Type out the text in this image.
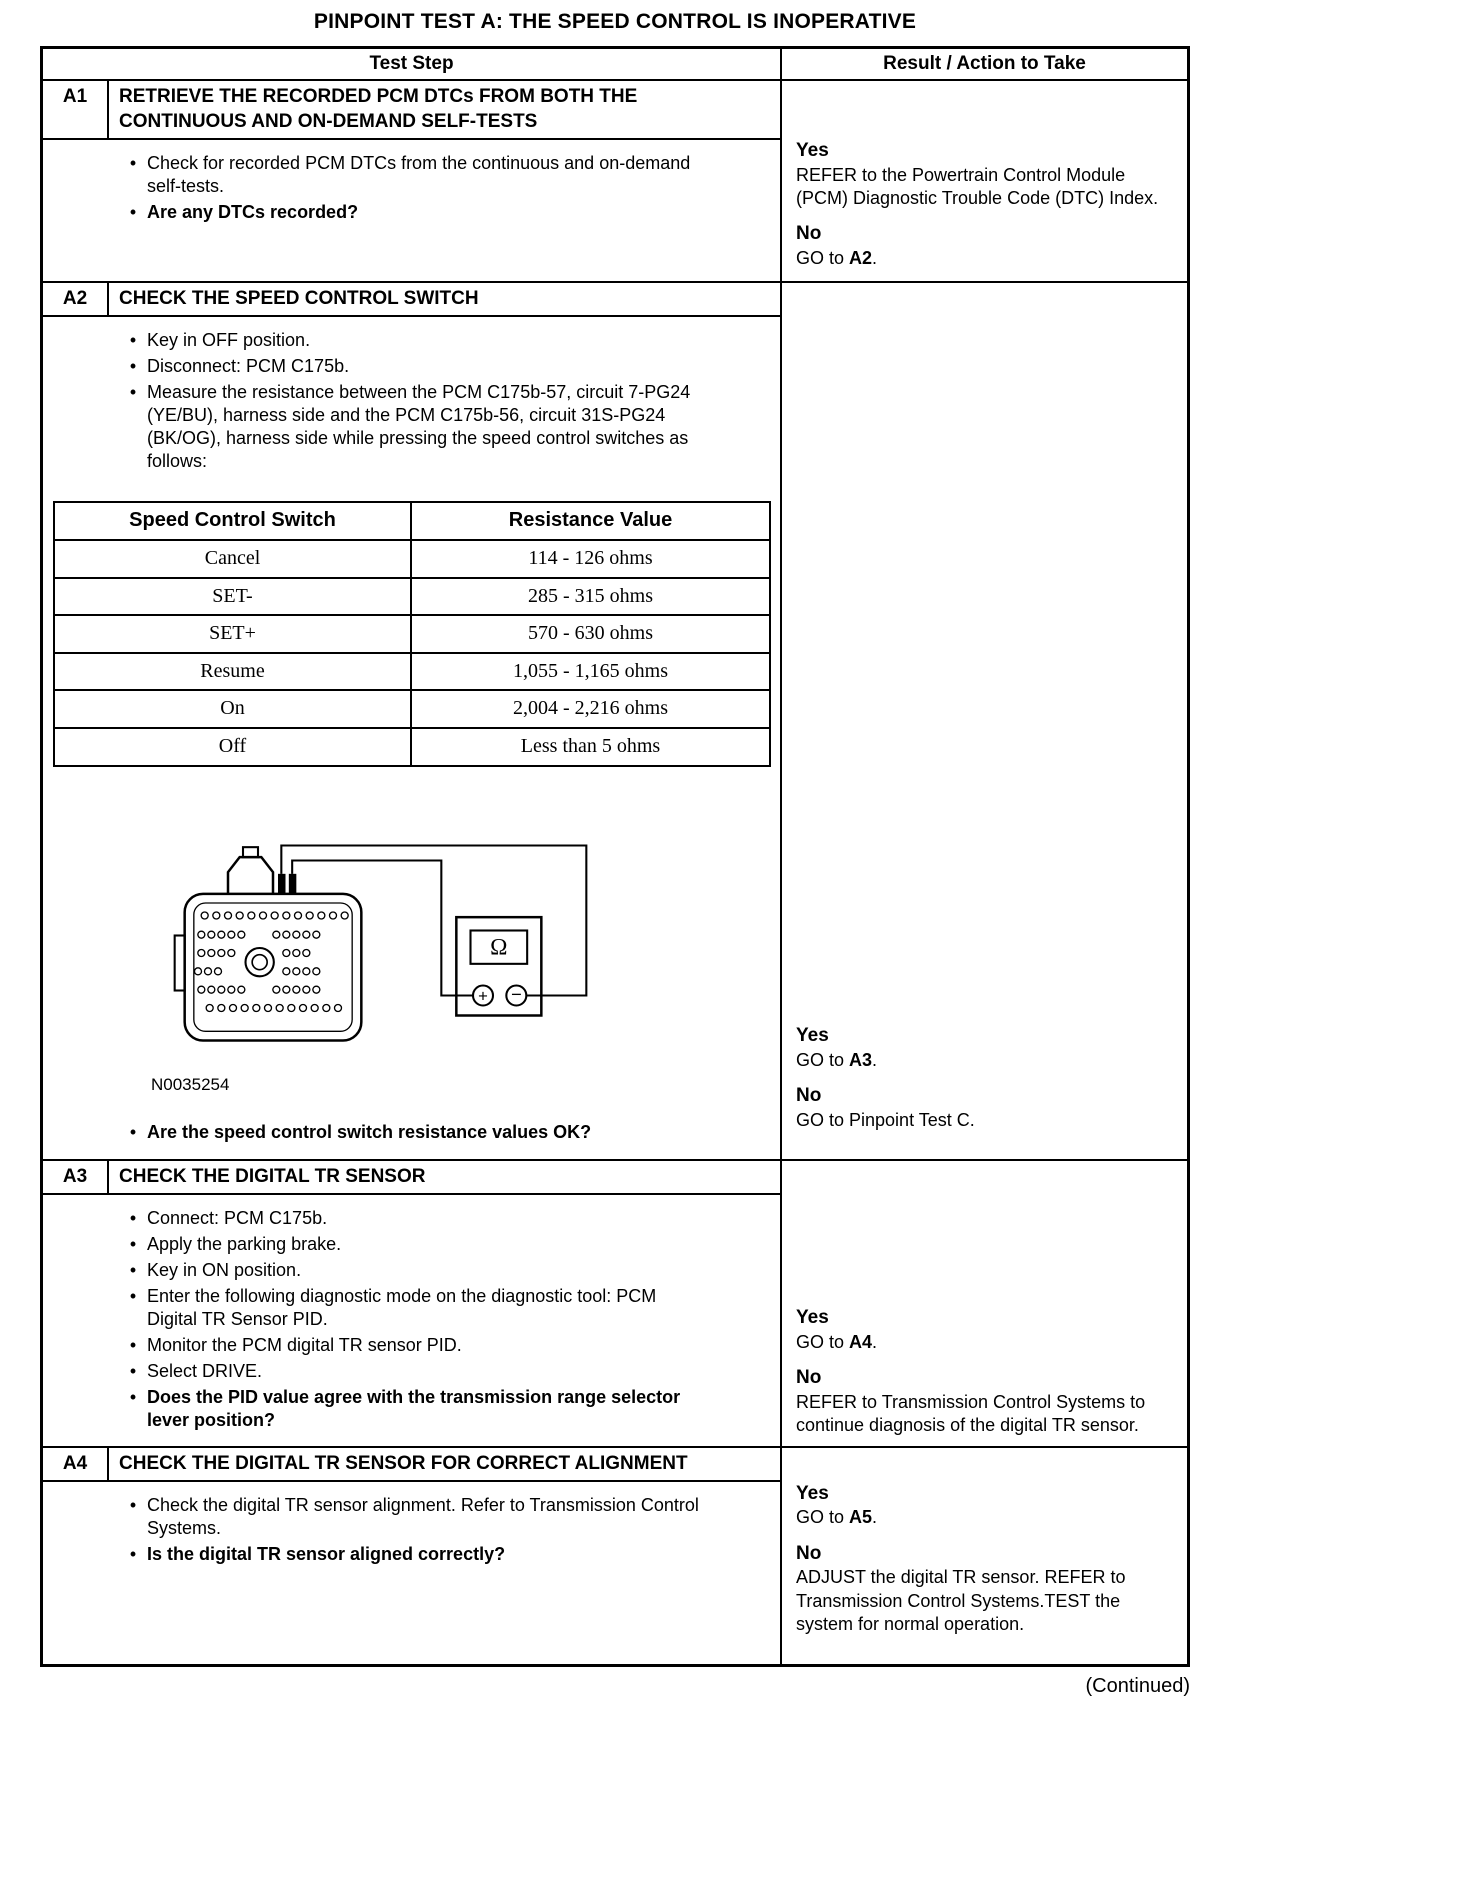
PINPOINT TEST A: THE SPEED CONTROL IS INOPERATIVE
Test Step	Result / Action to Take
A1	RETRIEVE THE RECORDED PCM DTCs FROM BOTH THE CONTINUOUS AND ON-DEMAND SELF-TESTS
• Check for recorded PCM DTCs from the continuous and on-demand self-tests.
• Are any DTCs recorded?
Yes
REFER to the Powertrain Control Module (PCM) Diagnostic Trouble Code (DTC) Index.
No
GO to A2.
A2	CHECK THE SPEED CONTROL SWITCH
• Key in OFF position.
• Disconnect: PCM C175b.
• Measure the resistance between the PCM C175b-57, circuit 7-PG24 (YE/BU), harness side and the PCM C175b-56, circuit 31S-PG24 (BK/OG), harness side while pressing the speed control switches as follows:
Speed Control Switch	Resistance Value
Cancel	114 - 126 ohms
SET-	285 - 315 ohms
SET+	570 - 630 ohms
Resume	1,055 - 1,165 ohms
On	2,004 - 2,216 ohms
Off	Less than 5 ohms
Ω
+ −
N0035254
• Are the speed control switch resistance values OK?
Yes
GO to A3.
No
GO to Pinpoint Test C.
A3	CHECK THE DIGITAL TR SENSOR
• Connect: PCM C175b.
• Apply the parking brake.
• Key in ON position.
• Enter the following diagnostic mode on the diagnostic tool: PCM Digital TR Sensor PID.
• Monitor the PCM digital TR sensor PID.
• Select DRIVE.
• Does the PID value agree with the transmission range selector lever position?
Yes
GO to A4.
No
REFER to Transmission Control Systems to continue diagnosis of the digital TR sensor.
A4	CHECK THE DIGITAL TR SENSOR FOR CORRECT ALIGNMENT
• Check the digital TR sensor alignment. Refer to Transmission Control Systems.
• Is the digital TR sensor aligned correctly?
Yes
GO to A5.
No
ADJUST the digital TR sensor. REFER to Transmission Control Systems.TEST the system for normal operation.
(Continued)
